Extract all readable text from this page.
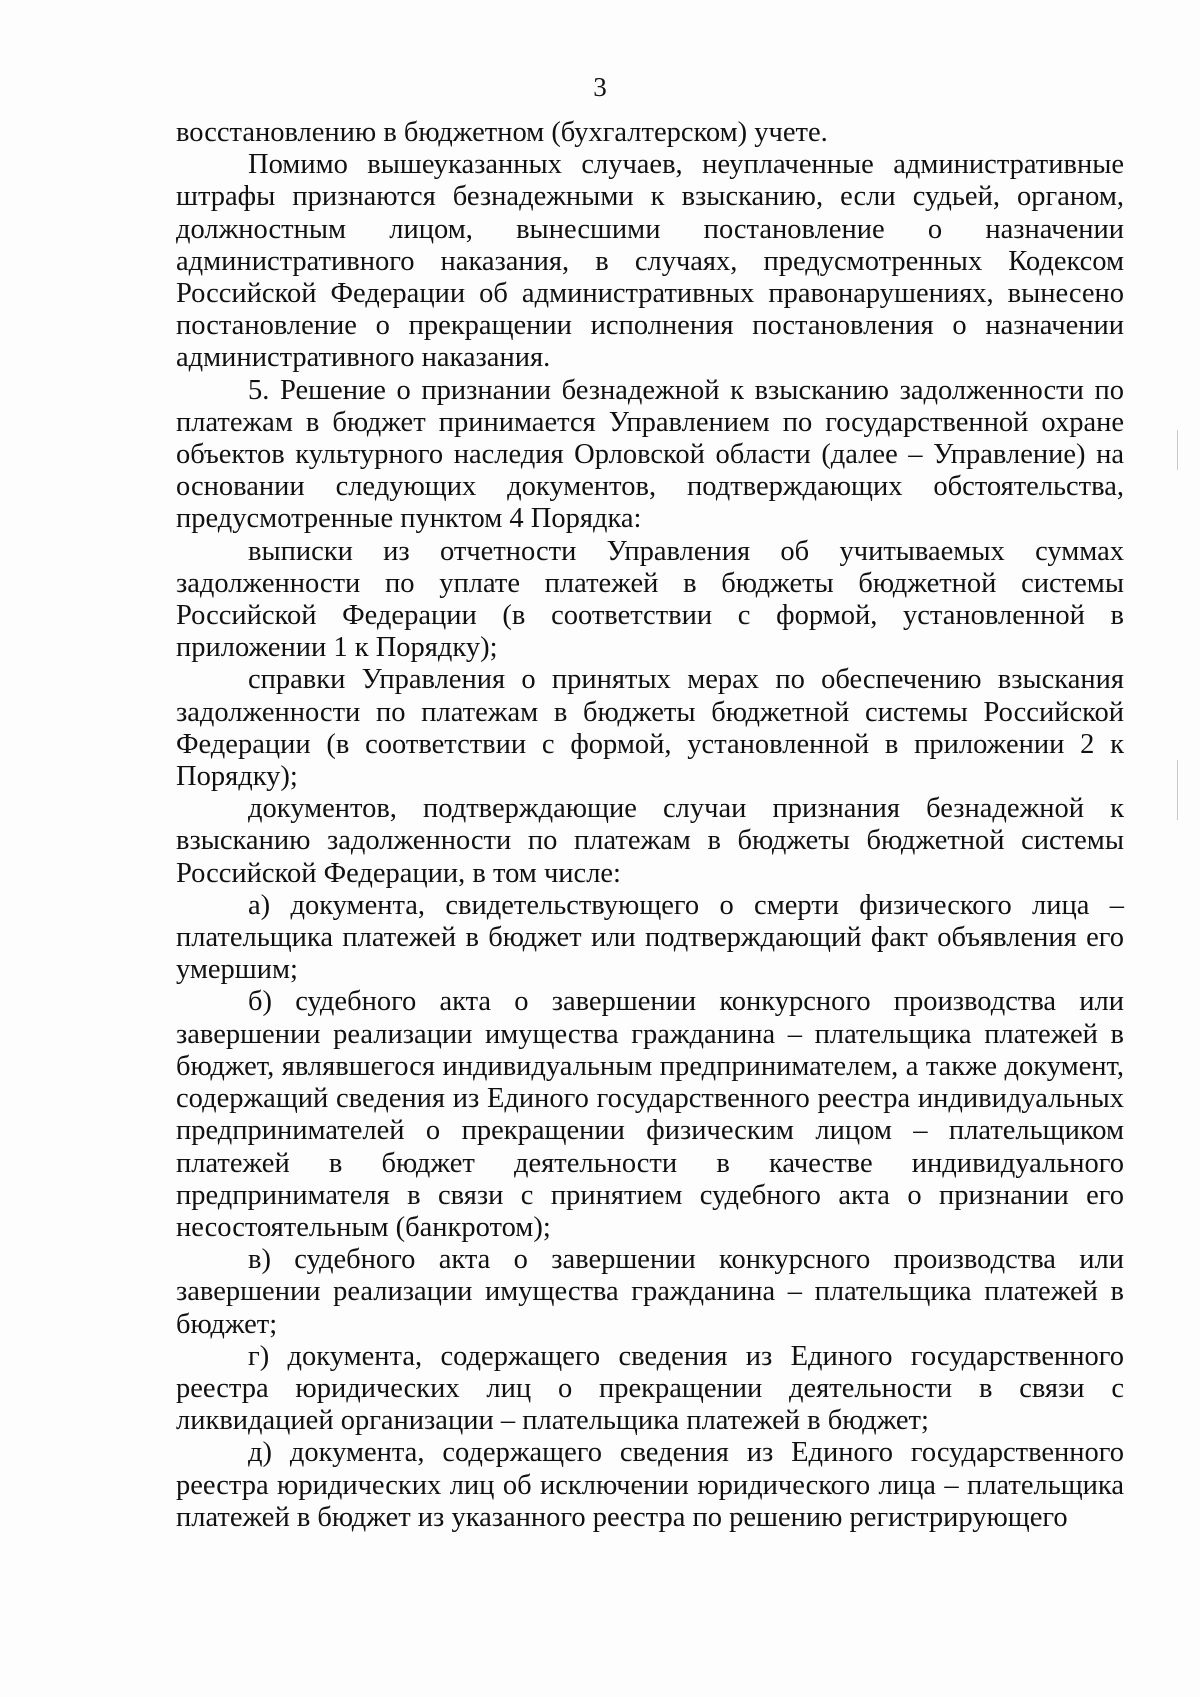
3

восстановлению в бюджетном (бухгалтерском) учете.

Помимо вышеуказанных случаев, неуплаченные административные штрафы признаются безнадежными к взысканию, если судьей, органом, должностным лицом, вынесшими постановление о назначении административного наказания, в случаях, предусмотренных Кодексом Российской Федерации об административных правонарушениях, вынесено постановление о прекращении исполнения постановления о назначении административного наказания.

5. Решение о признании безнадежной к взысканию задолженности по платежам в бюджет принимается Управлением по государственной охране объектов культурного наследия Орловской области (далее – Управление) на основании следующих документов, подтверждающих обстоятельства, предусмотренные пунктом 4 Порядка:

выписки из отчетности Управления об учитываемых суммах задолженности по уплате платежей в бюджеты бюджетной системы Российской Федерации (в соответствии с формой, установленной в приложении 1 к Порядку);

справки Управления о принятых мерах по обеспечению взыскания задолженности по платежам в бюджеты бюджетной системы Российской Федерации (в соответствии с формой, установленной в приложении 2 к Порядку);

документов, подтверждающие случаи признания безнадежной к взысканию задолженности по платежам в бюджеты бюджетной системы Российской Федерации, в том числе:

а) документа, свидетельствующего о смерти физического лица – плательщика платежей в бюджет или подтверждающий факт объявления его умершим;

б) судебного акта о завершении конкурсного производства или завершении реализации имущества гражданина – плательщика платежей в бюджет, являвшегося индивидуальным предпринимателем, а также документ, содержащий сведения из Единого государственного реестра индивидуальных предпринимателей о прекращении физическим лицом – плательщиком платежей в бюджет деятельности в качестве индивидуального предпринимателя в связи с принятием судебного акта о признании его несостоятельным (банкротом);

в) судебного акта о завершении конкурсного производства или завершении реализации имущества гражданина – плательщика платежей в бюджет;

г) документа, содержащего сведения из Единого государственного реестра юридических лиц о прекращении деятельности в связи с ликвидацией организации – плательщика платежей в бюджет;

д) документа, содержащего сведения из Единого государственного реестра юридических лиц об исключении юридического лица – плательщика платежей в бюджет из указанного реестра по решению регистрирующего
